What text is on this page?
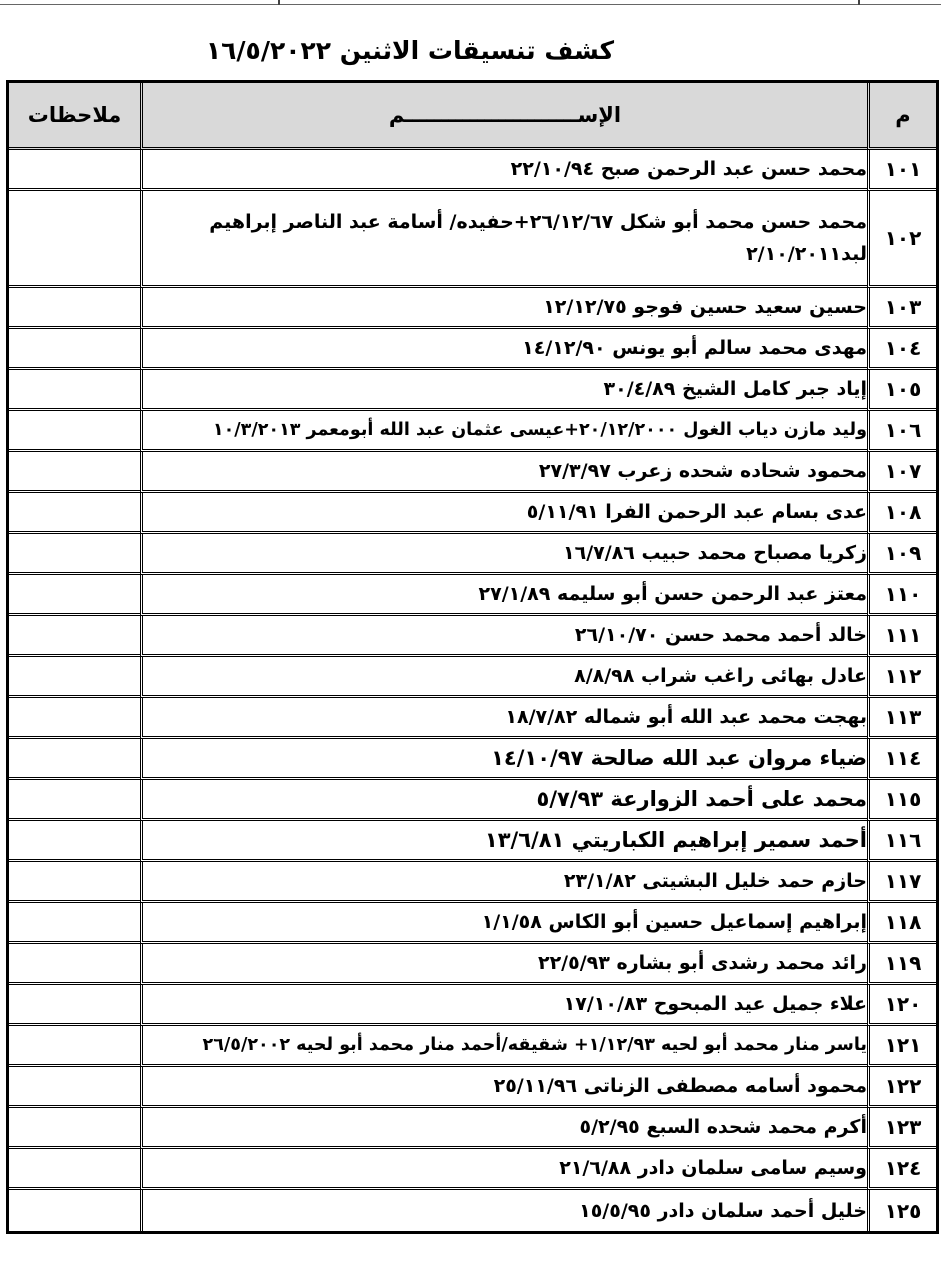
كشف تنسيقات الاثنين ١٦/٥/٢٠٢٢
م	الإســــــــــــــــــــــــم	ملاحظات
١٠١	محمد حسن عبد الرحمن صبح ٢٢/١٠/٩٤	
١٠٢	محمد حسن محمد أبو شكل ٢٦/١٢/٦٧+حفيده/ أسامة عبد الناصر إبراهيم لبد٢/١٠/٢٠١١	
١٠٣	حسين سعيد حسين فوجو ١٢/١٢/٧٥	
١٠٤	مهدى محمد سالم أبو يونس ١٤/١٢/٩٠	
١٠٥	إياد جبر كامل الشيخ ٣٠/٤/٨٩	
١٠٦	وليد مازن دياب الغول ٢٠/١٢/٢٠٠٠+عيسى عثمان عبد الله أبومعمر ١٠/٣/٢٠١٣	
١٠٧	محمود شحاده شحده زعرب ٢٧/٣/٩٧	
١٠٨	عدى بسام عبد الرحمن الفرا ٥/١١/٩١	
١٠٩	زكريا مصباح محمد حبيب ١٦/٧/٨٦	
١١٠	معتز عبد الرحمن حسن أبو سليمه ٢٧/١/٨٩	
١١١	خالد أحمد محمد حسن ٢٦/١٠/٧٠	
١١٢	عادل بهائى راغب شراب ٨/٨/٩٨	
١١٣	بهجت محمد عبد الله أبو شماله ١٨/٧/٨٢	
١١٤	ضياء مروان عبد الله صالحة ١٤/١٠/٩٧	
١١٥	محمد على أحمد الزوارعة ٥/٧/٩٣	
١١٦	أحمد سمير إبراهيم الكباريتي ١٣/٦/٨١	
١١٧	حازم حمد خليل البشيتى ٢٣/١/٨٢	
١١٨	إبراهيم إسماعيل حسين أبو الكاس ١/١/٥٨	
١١٩	رائد محمد رشدى أبو بشاره ٢٢/٥/٩٣	
١٢٠	علاء جميل عيد المبحوح ١٧/١٠/٨٣	
١٢١	ياسر منار محمد أبو لحيه ١/١٢/٩٣+ شقيقه/أحمد منار محمد أبو لحيه ٢٦/٥/٢٠٠٢	
١٢٢	محمود أسامه مصطفى الزناتى ٢٥/١١/٩٦	
١٢٣	أكرم محمد شحده السبع ٥/٢/٩٥	
١٢٤	وسيم سامى سلمان دادر ٢١/٦/٨٨	
١٢٥	خليل أحمد سلمان دادر ١٥/٥/٩٥	
